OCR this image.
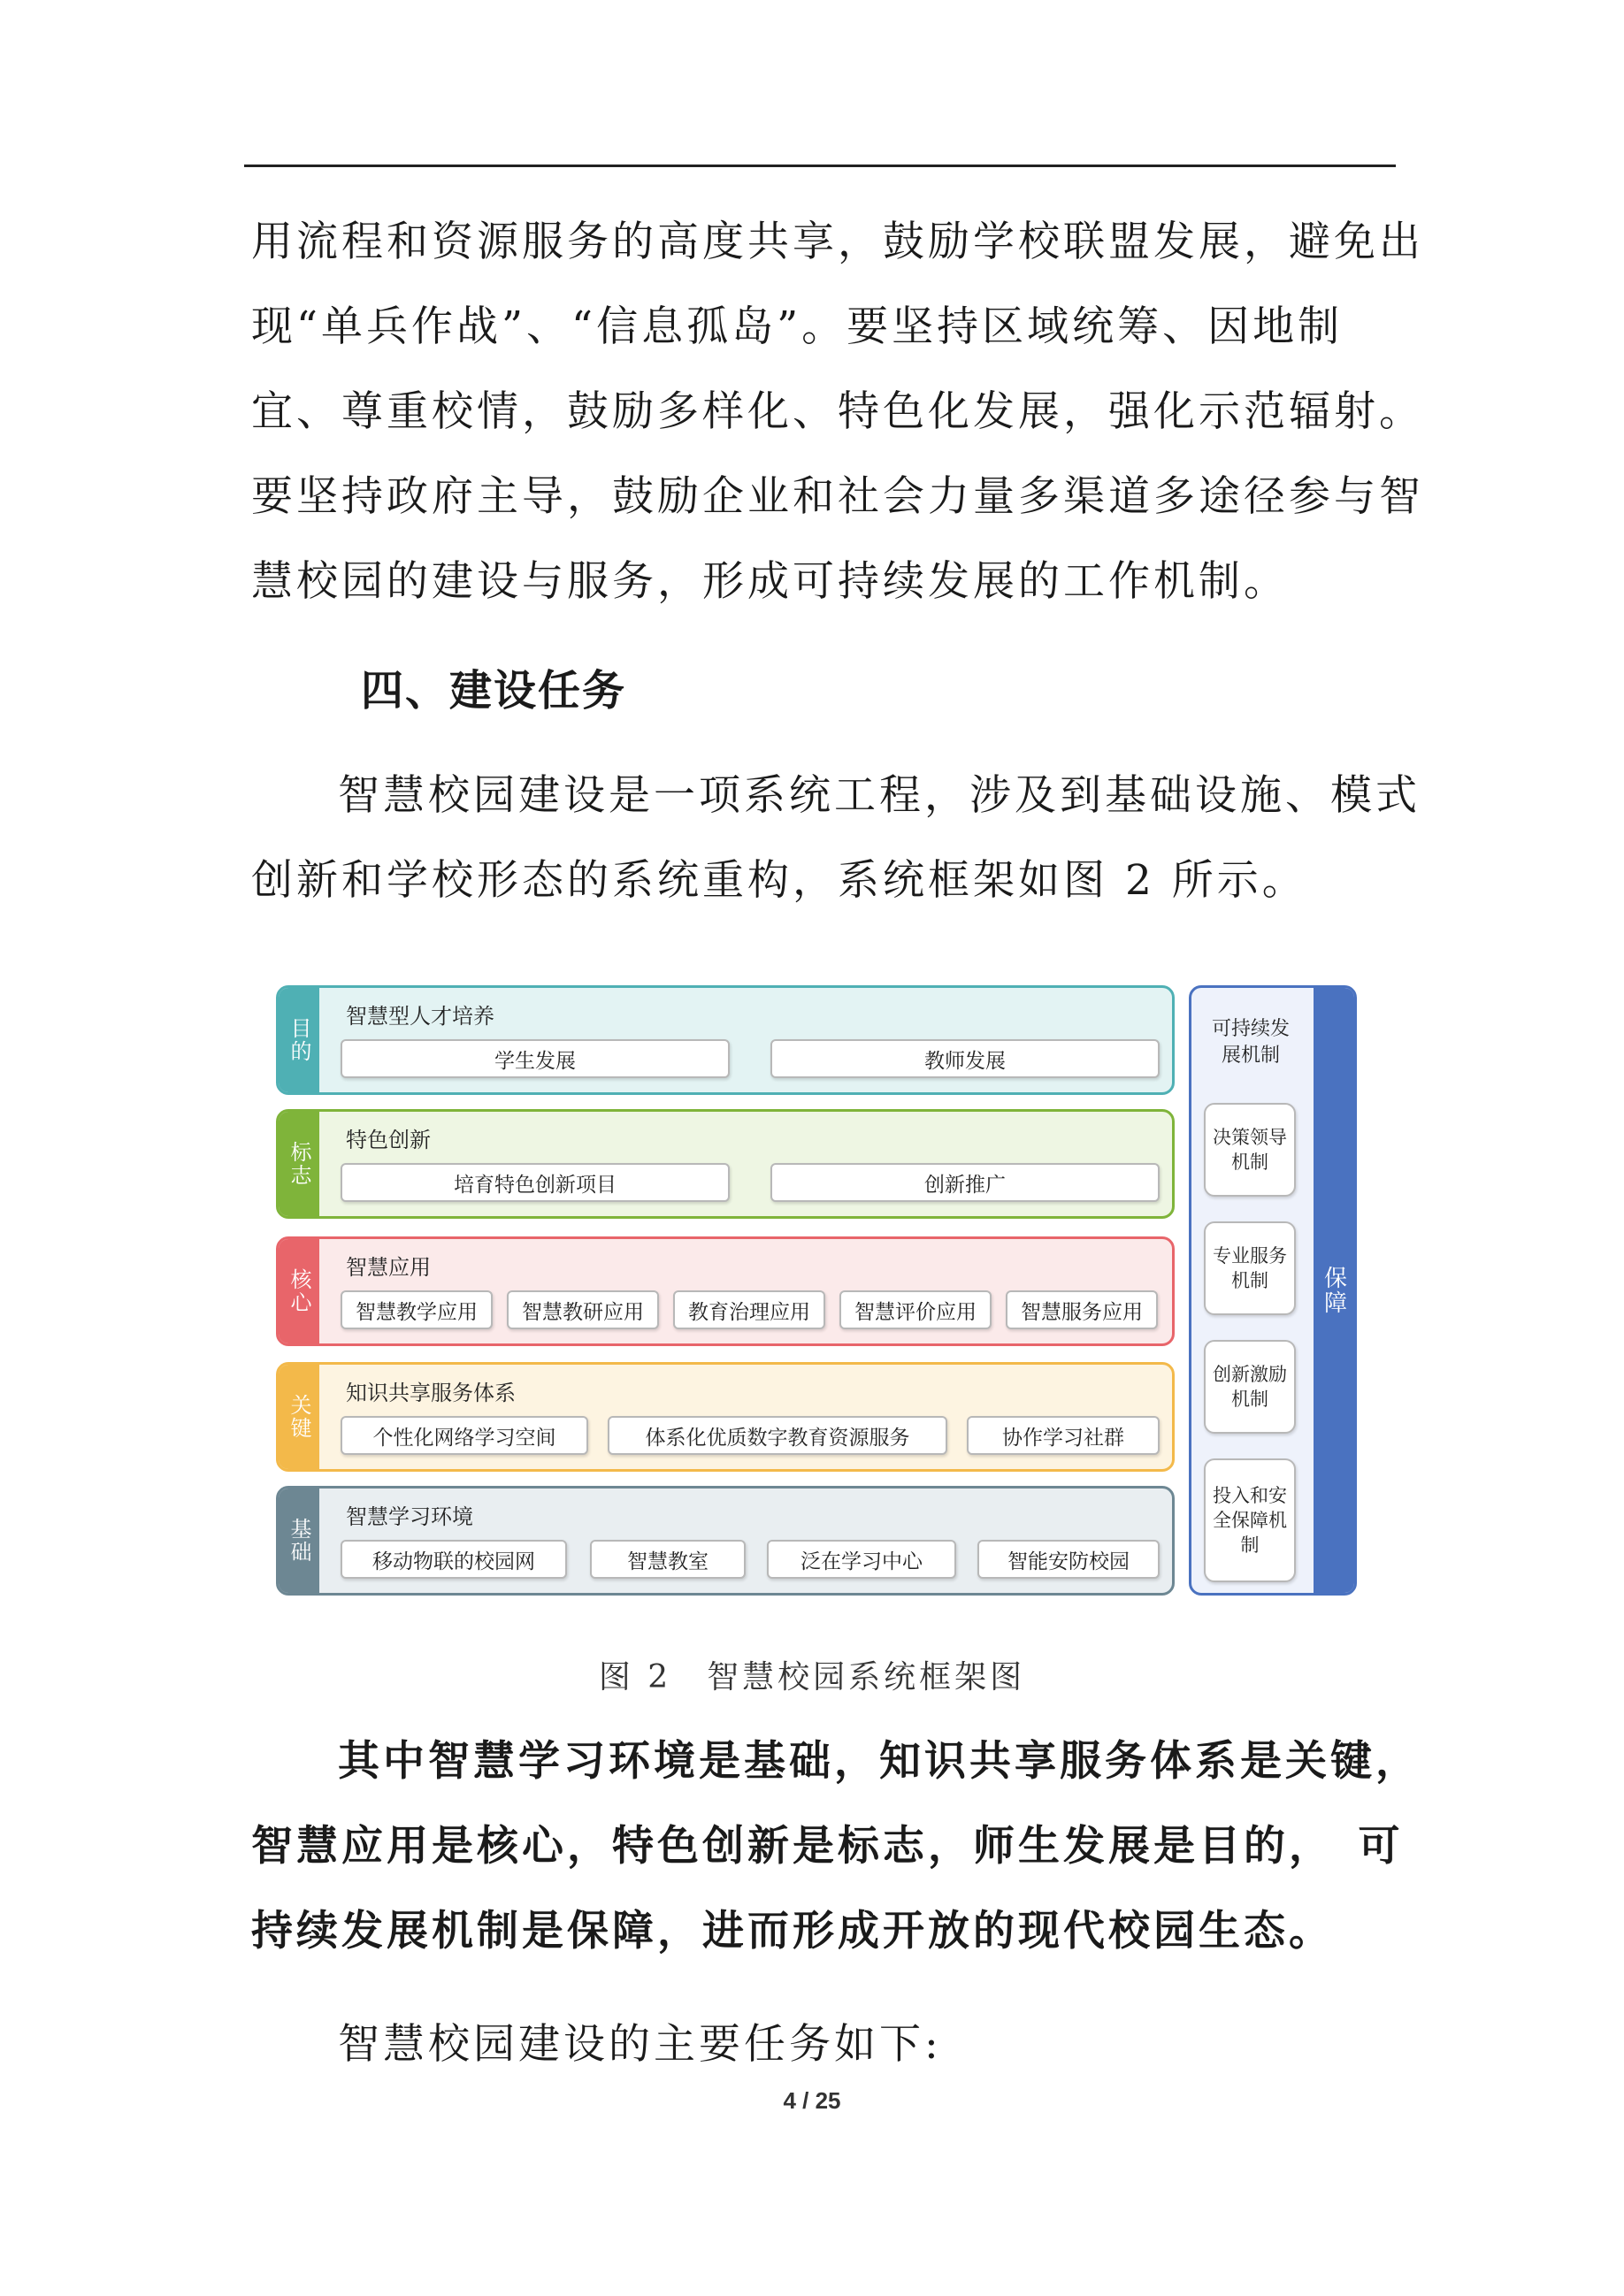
用流程和资源服务的高度共享，鼓励学校联盟发展，避免出
现“单兵作战”、“信息孤岛”。要坚持区域统筹、因地制
宜、尊重校情，鼓励多样化、特色化发展，强化示范辐射。
要坚持政府主导，鼓励企业和社会力量多渠道多途径参与智
慧校园的建设与服务，形成可持续发展的工作机制。
四、建设任务
智慧校园建设是一项系统工程，涉及到基础设施、模式
创新和学校形态的系统重构，系统框架如图 2 所示。
目的
智慧型人才培养
学生发展	教师发展
标志
特色创新
培育特色创新项目	创新推广
核心
智慧应用
智慧教学应用	智慧教研应用	教育治理应用	智慧评价应用	智慧服务应用
关键
知识共享服务体系
个性化网络学习空间	体系化优质数字教育资源服务	协作学习社群
基础
智慧学习环境
移动物联的校园网	智慧教室	泛在学习中心	智能安防校园
可持续发展机制
保障
决策领导机制
专业服务机制
创新激励机制
投入和安全保障机制
图 2　智慧校园系统框架图
其中智慧学习环境是基础，知识共享服务体系是关键，
智慧应用是核心，特色创新是标志，师生发展是目的，　可
持续发展机制是保障，进而形成开放的现代校园生态。
智慧校园建设的主要任务如下:
4 / 25
